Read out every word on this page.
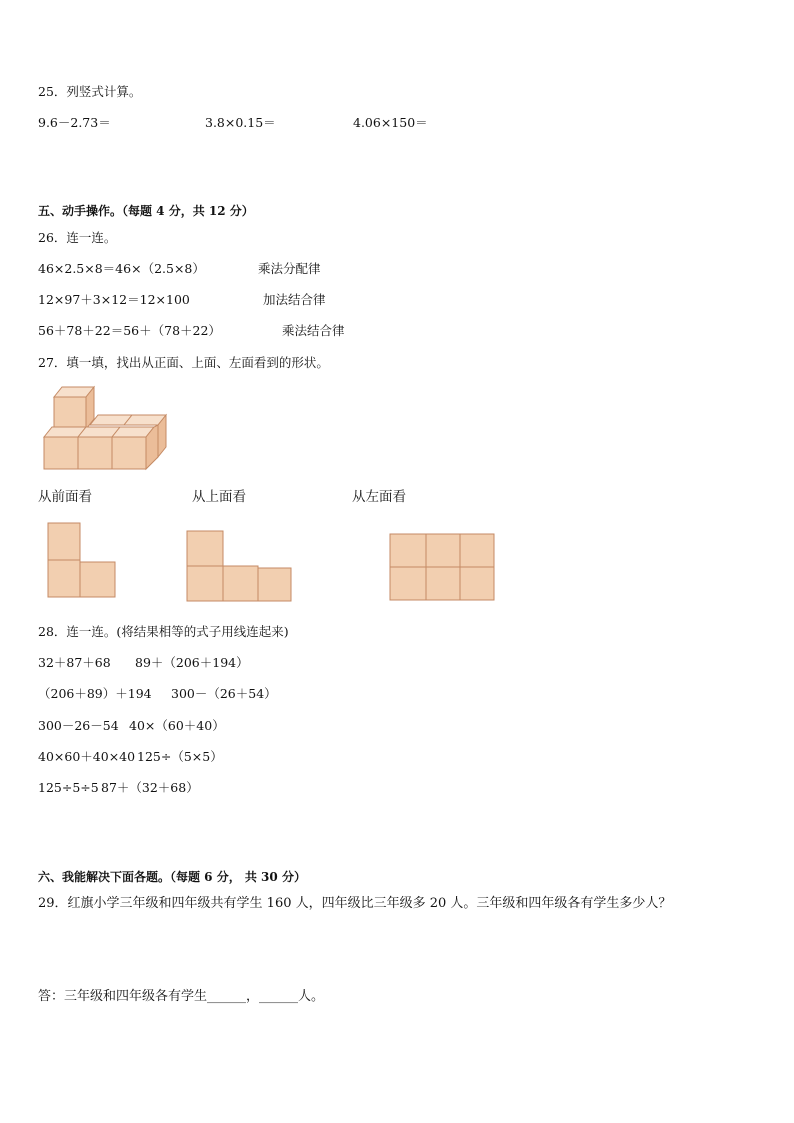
25．列竖式计算。
9.6－2.73＝	3.8×0.15＝	4.06×150＝
五、动手操作。（每题 4 分，共 12 分）
26．连一连。
46×2.5×8＝46×（2.5×8）
12×97＋3×12＝12×100
56＋78＋22＝56＋（78＋22）
乘法分配律
加法结合律
乘法结合律
27．填一填，找出从正面、上面、左面看到的形状。
从前面看	从上面看	从左面看
28．连一连。(将结果相等的式子用线连起来)
32＋87＋68 89＋（206＋194）
（206＋89）＋194 300－（26＋54）
300－26－54 40×（60＋40）
40×60＋40×40 125÷（5×5）
125÷5÷5 87＋（32＋68）
六、我能解决下面各题。（每题 6 分， 共 30 分）
29．红旗小学三年级和四年级共有学生 160 人，四年级比三年级多 20 人。三年级和四年级各有学生多少人？
答：三年级和四年级各有学生______，______人。
